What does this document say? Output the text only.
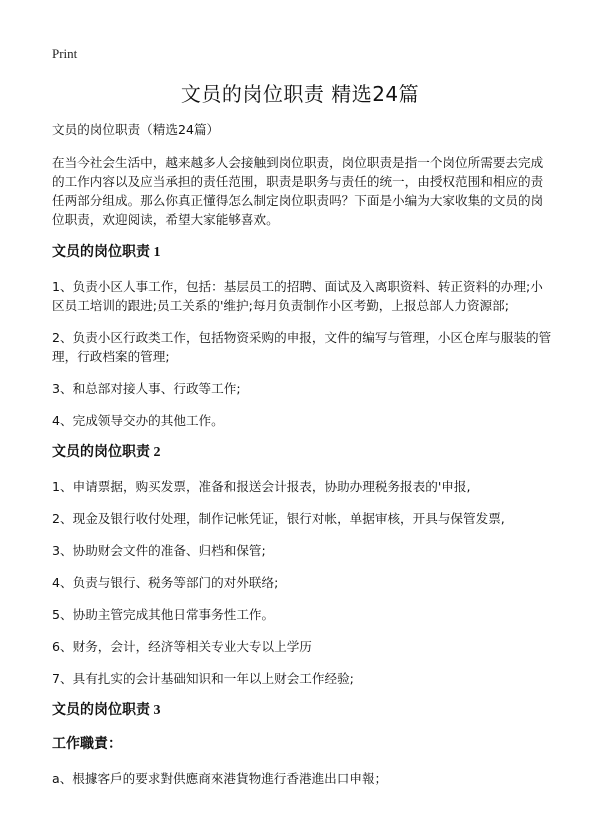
Print
文员的岗位职责 精选24篇

文员的岗位职责（精选24篇）

在当今社会生活中，越来越多人会接触到岗位职责，岗位职责是指一个岗位所需要去完成的工作内容以及应当承担的责任范围，职责是职务与责任的统一，由授权范围和相应的责任两部分组成。那么你真正懂得怎么制定岗位职责吗？下面是小编为大家收集的文员的岗位职责，欢迎阅读，希望大家能够喜欢。

文员的岗位职责 1

1、负责小区人事工作，包括：基层员工的招聘、面试及入离职资料、转正资料的办理;小区员工培训的跟进;员工关系的'维护;每月负责制作小区考勤，上报总部人力资源部;

2、负责小区行政类工作，包括物资采购的申报，文件的编写与管理，小区仓库与服装的管理，行政档案的管理;

3、和总部对接人事、行政等工作;

4、完成领导交办的其他工作。

文员的岗位职责 2

1、申请票据，购买发票，准备和报送会计报表，协助办理税务报表的'申报,

2、现金及银行收付处理，制作记帐凭证，银行对帐，单据审核，开具与保管发票,

3、协助财会文件的准备、归档和保管;

4、负责与银行、税务等部门的对外联络;

5、协助主管完成其他日常事务性工作。

6、财务，会计，经济等相关专业大专以上学历

7、具有扎实的会计基础知识和一年以上财会工作经验;

文员的岗位职责 3
工作職責：

a、根據客戶的要求對供應商來港貨物進行香港進出口申報；
